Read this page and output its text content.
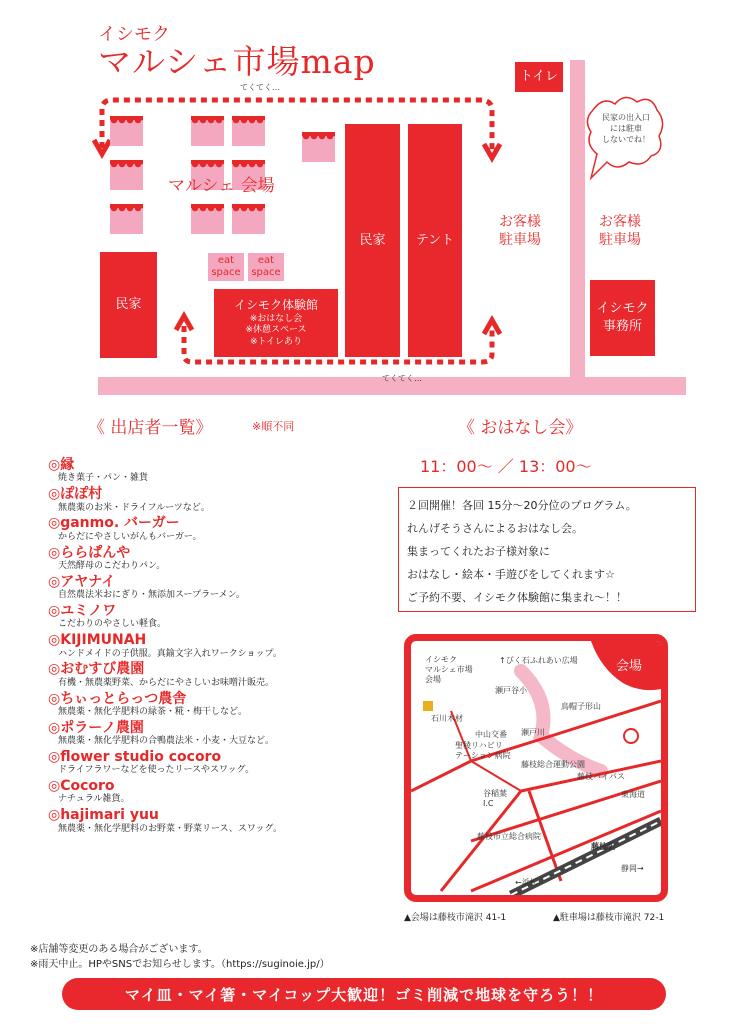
イシモク
マルシェ市場map
てくてく…
てくてく…
マルシェ 会場
eat space
eat space
民家
民家	テント
トイレ
イシモク
事務所
イシモク体験館
※おはなし会
※休憩スペース
※トイレあり
お客様
駐車場
お客様
駐車場
民家の出入口
には駐車
しないでね！
《 出店者一覧》	※順不同
◎縁
焼き菓子・パン・雑貨
◎ぽぽ村
無農薬のお米・ドライフルーツなど。
◎ganmo. バーガー
からだにやさしいがんもバーガー。
◎ららぱんや
天然酵母のこだわりパン。
◎アヤナイ
自然農法米おにぎり・無添加スープラーメン。
◎ユミノワ
こだわりのやさしい軽食。
◎KIJIMUNAH
ハンドメイドの子供服。真鍮文字入れワークショップ。
◎おむすび農園
有機・無農薬野菜、からだにやさしいお味噌汁販売。
◎ちぃっとらっつ農舎
無農薬・無化学肥料の緑茶・糀・梅干しなど。
◎ポラーノ農園
無農薬・無化学肥料の合鴨農法米・小麦・大豆など。
◎flower studio cocoro
ドライフラワーなどを使ったリースやスワッグ。
◎Cocoro
ナチュラル雑貨。
◎hajimari yuu
無農薬・無化学肥料のお野菜・野菜リース、スワッグ。
《 おはなし会》
11：00～ ／ 13：00～
２回開催！各回 15分～20分位のプログラム。
れんげそうさんによるおはなし会。
集まってくれたお子様対象に
おはなし・絵本・手遊びをしてくれます☆
ご予約不要、イシモク体験館に集まれ～！！
会場
イシモク
マルシェ市場
会場
↑びく石ふれあい広場
瀬戸谷小
鳥帽子形山
石川木材
中山交番
聖稜リハビリ
テーション病院
瀬戸川
藤枝総合運動公園
藤枝バイパス
谷稲葉
I.C
東海道
藤枝市立総合病院
藤枝駅
静岡→
←浜松
▲会場は藤枝市滝沢 41-1	▲駐車場は藤枝市滝沢 72-1
※店舗等変更のある場合がございます。
※雨天中止。HPやSNSでお知らせします。（https://suginoie.jp/）
マイ皿・マイ箸・マイコップ大歓迎！ゴミ削減で地球を守ろう！！
